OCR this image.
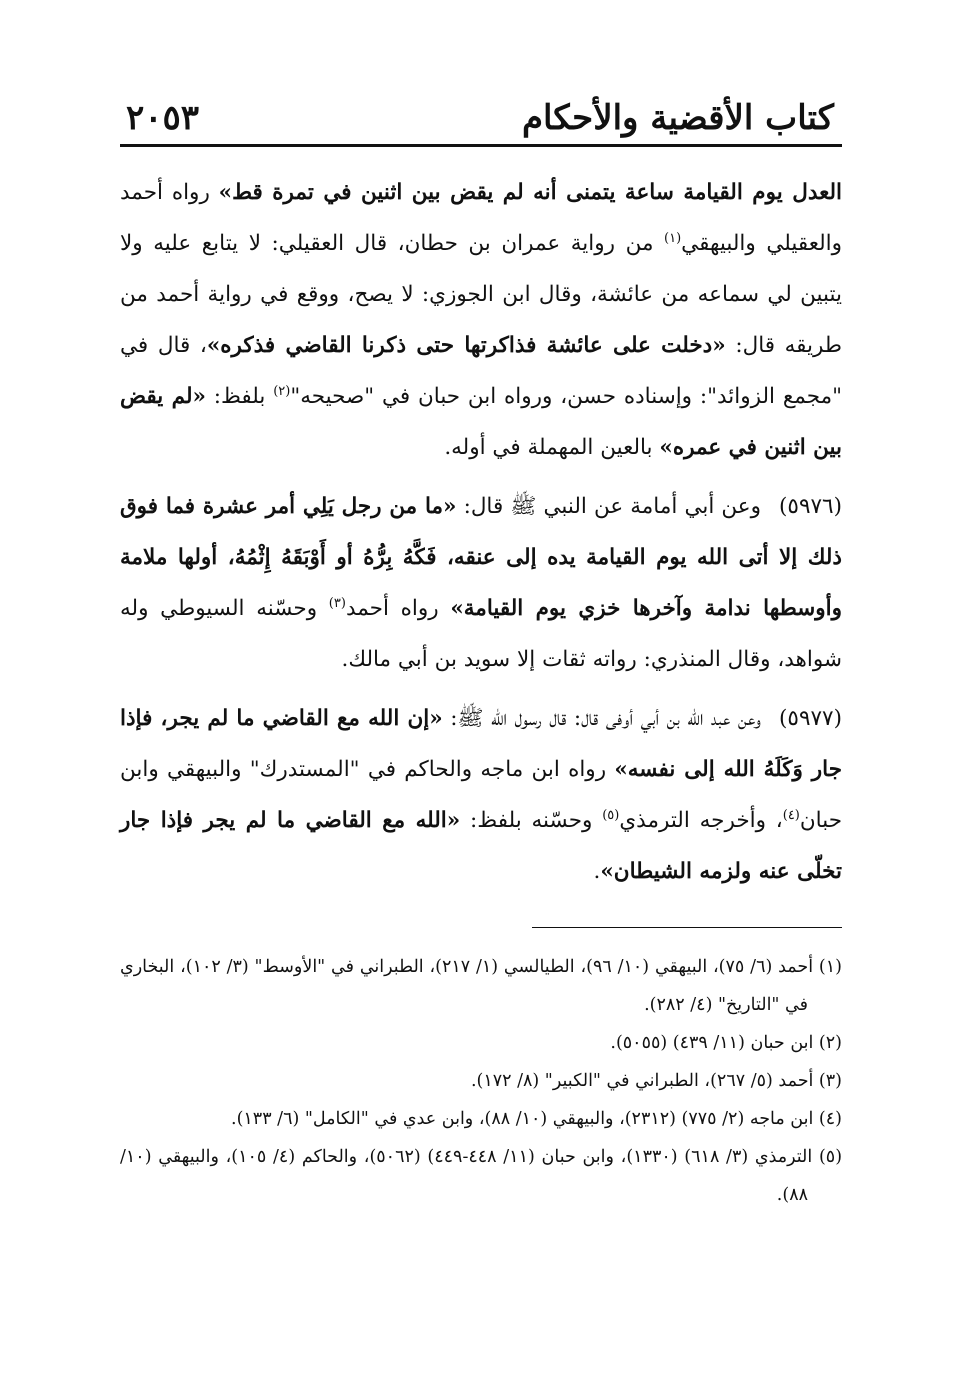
كتاب الأقضية والأحكام
٢٠٥٣

العدل يوم القيامة ساعة يتمنى أنه لم يقض بين اثنين في تمرة قط» رواه أحمد والعقيلي والبيهقي$^{(١)}$ من رواية عمران بن حطان، قال العقيلي: لا يتابع عليه ولا يتبين لي سماعه من عائشة، وقال ابن الجوزي: لا يصح، ووقع في رواية أحمد من طريقه قال: «دخلت على عائشة فذاكرتها حتى ذكرنا القاضي فذكره»، قال في "مجمع الزوائد": وإسناده حسن، ورواه ابن حبان في "صحيحه"$^{(٢)}$ بلفظ: «لم يقض بين اثنين في عمره» بالعين المهملة في أوله.

(٥٩٧٦)وعن أبي أمامة عن النبي ﷺ قال: «ما من رجل يَلِي أمر عشرة فما فوق ذلك إلا أتى الله يوم القيامة يده إلى عنقه، فَكَّهُ بِرُّهُ أو أَوْبَقَهُ إِثْمُهُ، أولها ملامة وأوسطها ندامة وآخرها خزي يوم القيامة» رواه أحمد$^{(٣)}$ وحسّنه السيوطي وله شواهد، وقال المنذري: رواته ثقات إلا سويد بن أبي مالك.

(٥٩٧٧)وعن عبد الله بن أبي أوفى قال: قال رسول الله ﷺ: «إن الله مع القاضي ما لم يجر، فإذا جار وَكَلَهُ الله إلى نفسه» رواه ابن ماجه والحاكم في "المستدرك" والبيهقي وابن حبان$^{(٤)}$، وأخرجه الترمذي$^{(٥)}$ وحسّنه بلفظ: «الله مع القاضي ما لم يجر فإذا جار تخلّى عنه ولزمه الشيطان».

(١) أحمد (٦/ ٧٥)، البيهقي (١٠/ ٩٦)، الطيالسي (١/ ٢١٧)، الطبراني في "الأوسط" (٣/ ١٠٢)، البخاري في "التاريخ" (٤/ ٢٨٢).

(٢) ابن حبان (١١/ ٤٣٩) (٥٠٥٥).

(٣) أحمد (٥/ ٢٦٧)، الطبراني في "الكبير" (٨/ ١٧٢).

(٤) ابن ماجه (٢/ ٧٧٥) (٢٣١٢)، والبيهقي (١٠/ ٨٨)، وابن عدي في "الكامل" (٦/ ١٣٣).

(٥) الترمذي (٣/ ٦١٨) (١٣٣٠)، وابن حبان (١١/ ٤٤٨-٤٤٩) (٥٠٦٢)، والحاكم (٤/ ١٠٥)، والبيهقي (١٠/ ٨٨).
